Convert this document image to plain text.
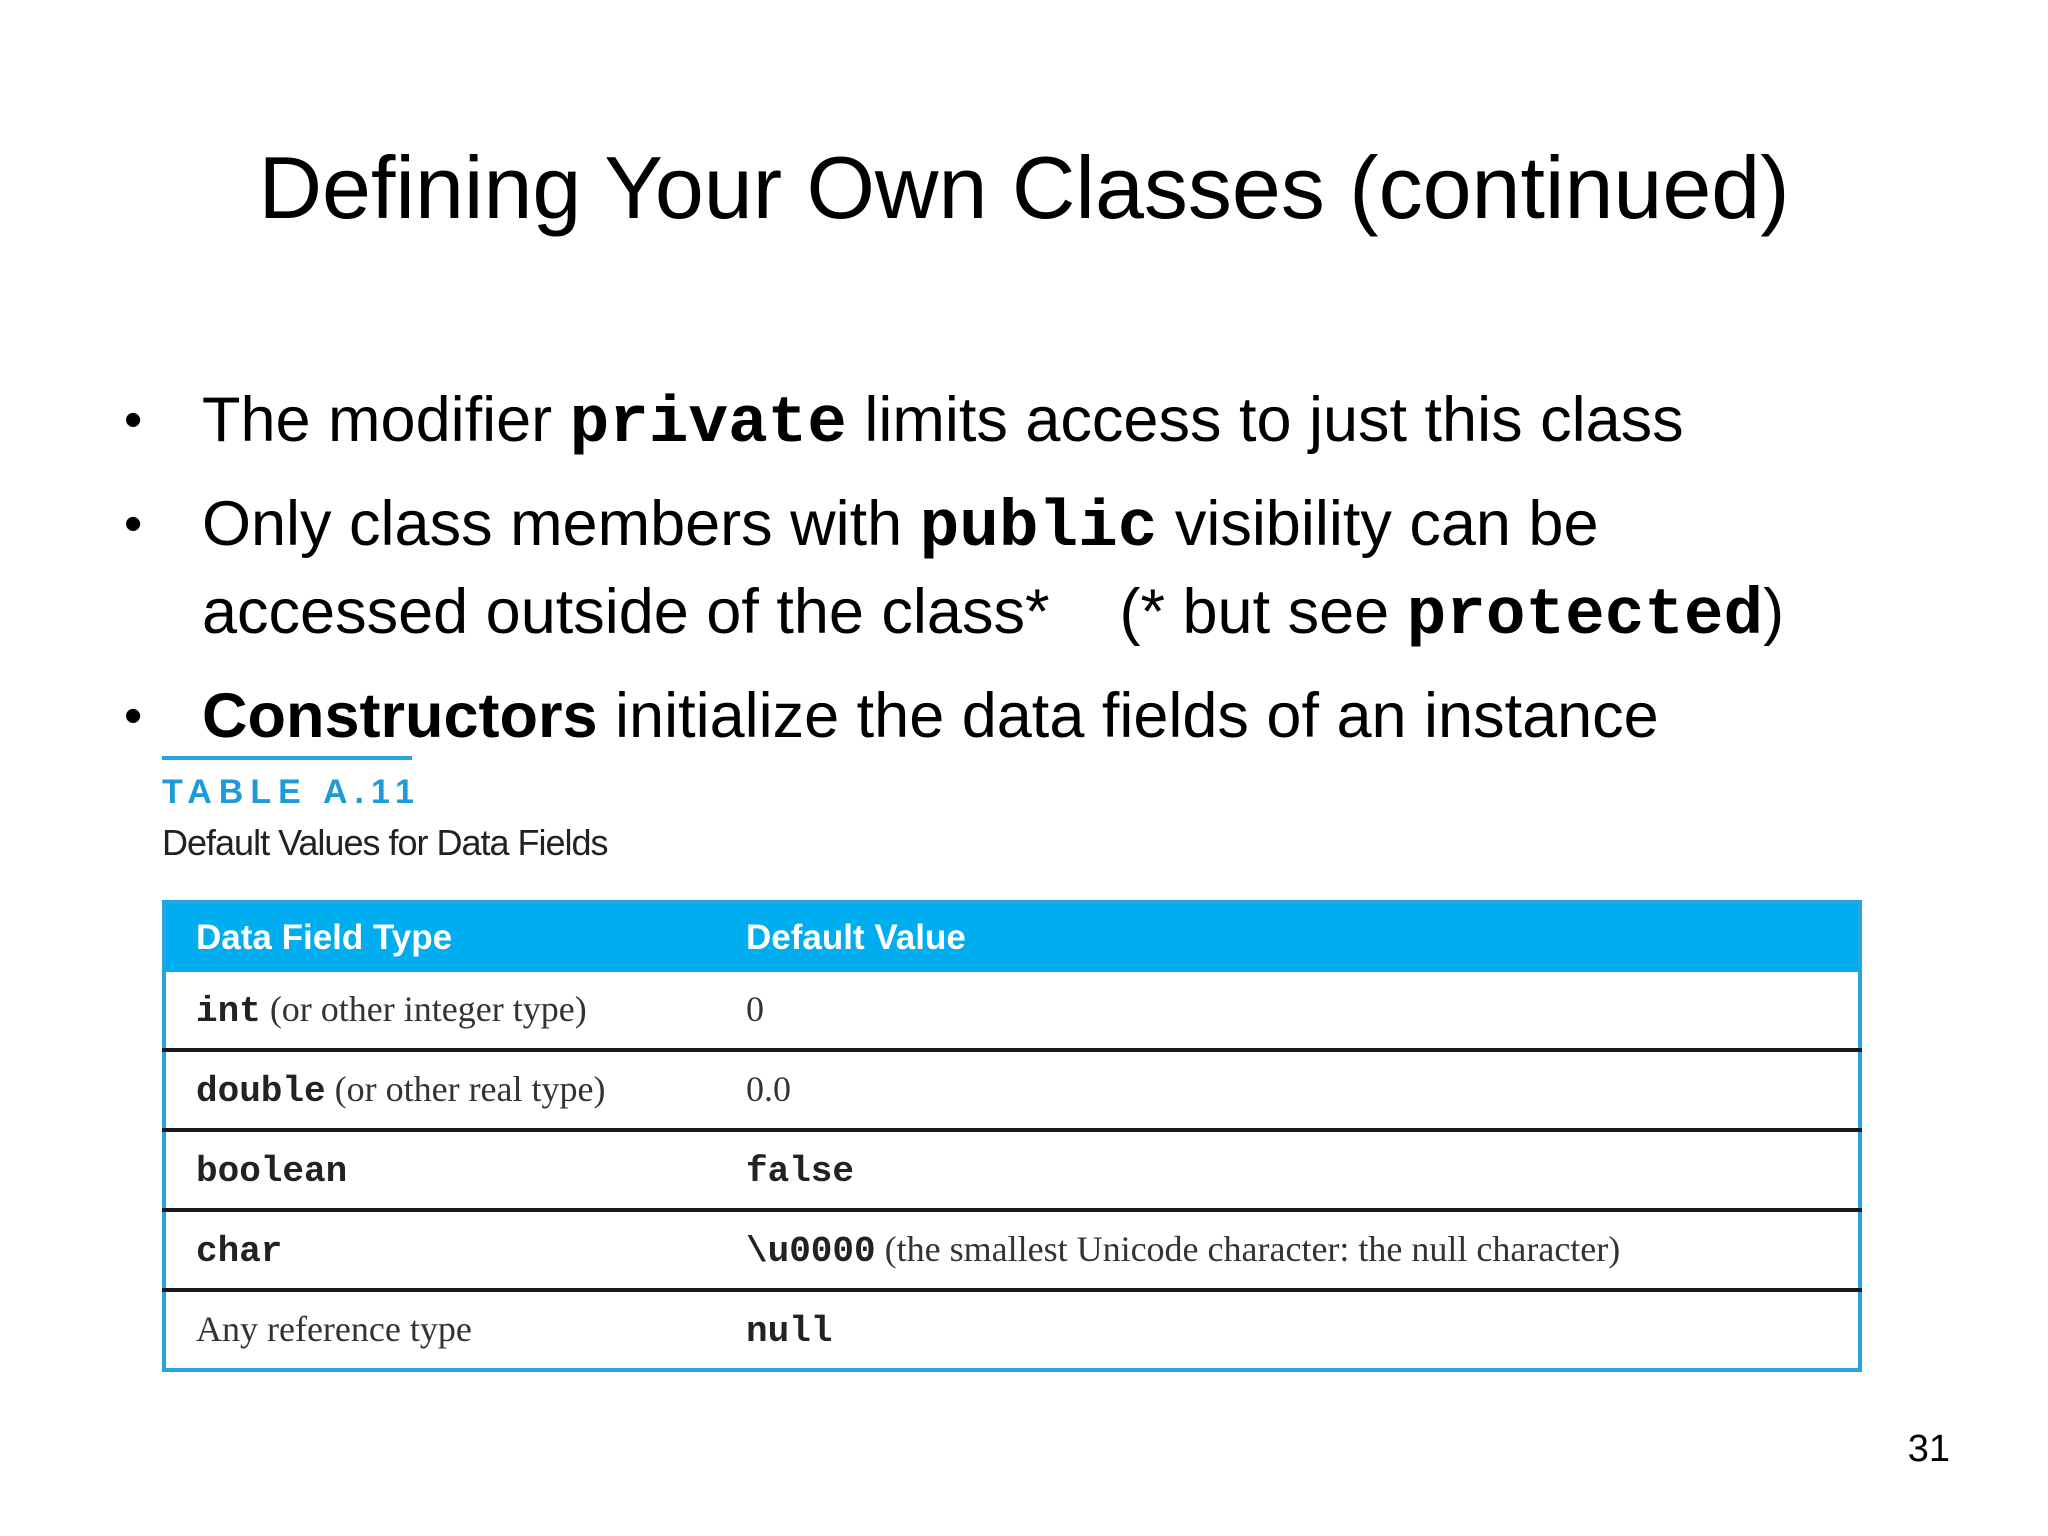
Defining Your Own Classes (continued)
• The modifier private limits access to just this class
• Only class members with public visibility can be
accessed outside of the class* (* but see protected)
• Constructors initialize the data fields of an instance
TABLE A.11
Default Values for Data Fields
Data Field Type	Default Value
int (or other integer type)	0
double (or other real type)	0.0
boolean	false
char	\u0000 (the smallest Unicode character: the null character)
Any reference type	null
31
